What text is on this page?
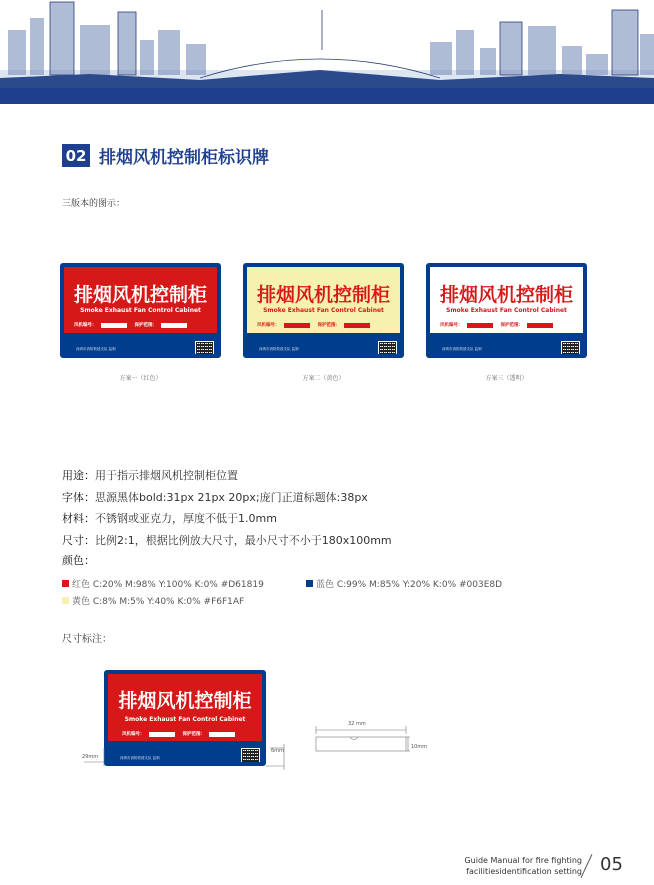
02 排烟风机控制柜标识牌
三版本的图示：
排烟风机控制柜
Smoke Exhaust Fan Control Cabinet
风机编号：	保护范围：
深圳市消防救援支队 监制
方案一（红色）
排烟风机控制柜
Smoke Exhaust Fan Control Cabinet
风机编号：	保护范围：
深圳市消防救援支队 监制
方案二（黄色）
排烟风机控制柜
Smoke Exhaust Fan Control Cabinet
风机编号：	保护范围：
深圳市消防救援支队 监制
方案三（透明）
用途：用于指示排烟风机控制柜位置
字体：思源黑体bold:31px 21px 20px;庞门正道标题体:38px
材料：不锈钢或亚克力，厚度不低于1.0mm
尺寸：比例2:1，根据比例放大尺寸，最小尺寸不小于180x100mm
颜色：
红色 C:20% M:98% Y:100% K:0% #D61819	蓝色 C:99% M:85% Y:20% K:0% #003E8D
黄色 C:8% M:5% Y:40% K:0% #F6F1AF
尺寸标注：
排烟风机控制柜
Smoke Exhaust Fan Control Cabinet
风机编号：	保护范围：
深圳市消防救援支队 监制
29mm
6mm
32 mm
10mm
Guide Manual for fire fighting
facilitiesidentification setting 05
